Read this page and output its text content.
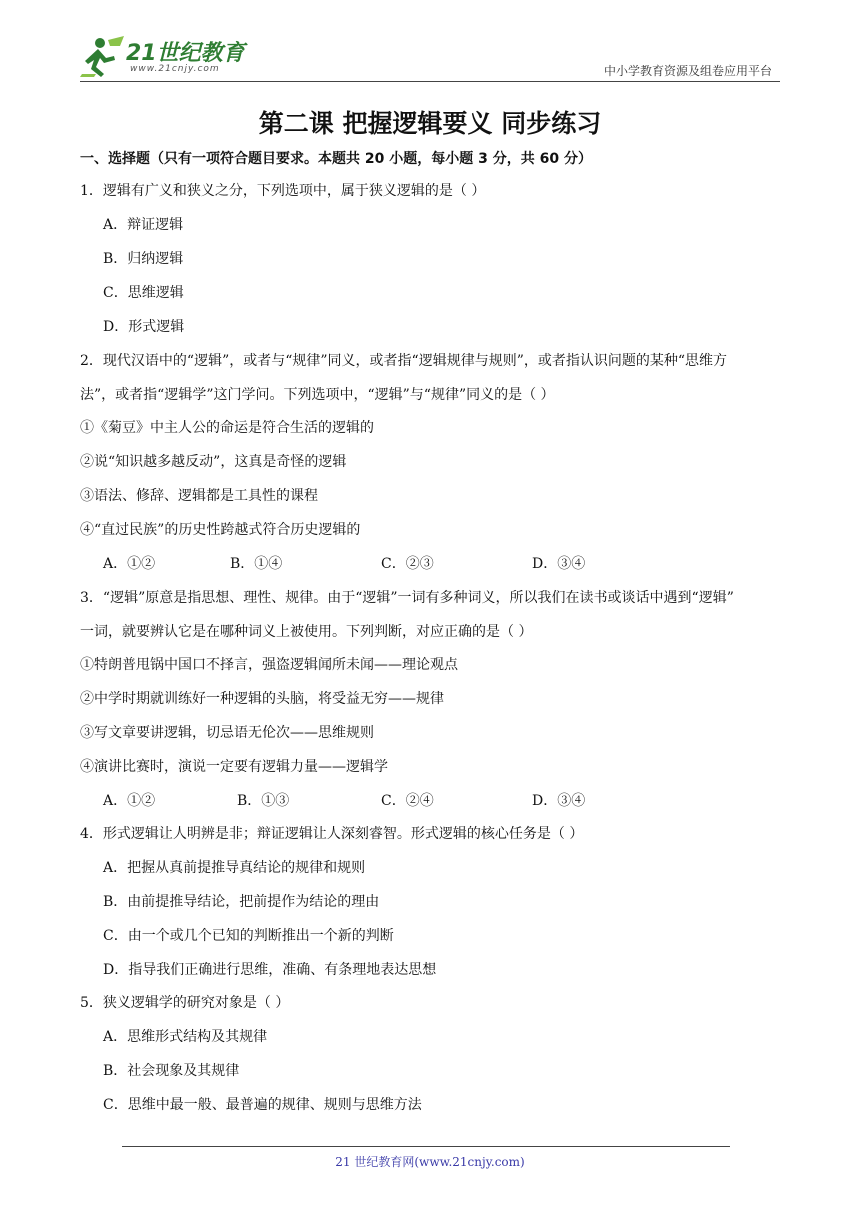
21世纪教育
www.21cnjy.com	中小学教育资源及组卷应用平台
第二课 把握逻辑要义 同步练习
一、选择题（只有一项符合题目要求。本题共 20 小题，每小题 3 分，共 60 分）
1．逻辑有广义和狭义之分，下列选项中，属于狭义逻辑的是（ ）
A．辩证逻辑
B．归纳逻辑
C．思维逻辑
D．形式逻辑
2．现代汉语中的“逻辑”，或者与“规律”同义，或者指“逻辑规律与规则”，或者指认识问题的某种“思维方
法”，或者指“逻辑学”这门学问。下列选项中，“逻辑”与“规律”同义的是（ ）
①《菊豆》中主人公的命运是符合生活的逻辑的
②说“知识越多越反动”，这真是奇怪的逻辑
③语法、修辞、逻辑都是工具性的课程
④“直过民族”的历史性跨越式符合历史逻辑的
A．①②	B．①④	C．②③	D．③④
3．“逻辑”原意是指思想、理性、规律。由于“逻辑”一词有多种词义，所以我们在读书或谈话中遇到“逻辑”
一词，就要辨认它是在哪种词义上被使用。下列判断，对应正确的是（ ）
①特朗普甩锅中国口不择言，强盗逻辑闻所未闻——理论观点
②中学时期就训练好一种逻辑的头脑，将受益无穷——规律
③写文章要讲逻辑，切忌语无伦次——思维规则
④演讲比赛时，演说一定要有逻辑力量——逻辑学
A．①②	B．①③	C．②④	D．③④
4．形式逻辑让人明辨是非；辩证逻辑让人深刻睿智。形式逻辑的核心任务是（ ）
A．把握从真前提推导真结论的规律和规则
B．由前提推导结论，把前提作为结论的理由
C．由一个或几个已知的判断推出一个新的判断
D．指导我们正确进行思维，准确、有条理地表达思想
5．狭义逻辑学的研究对象是（ ）
A．思维形式结构及其规律
B．社会现象及其规律
C．思维中最一般、最普遍的规律、规则与思维方法
21 世纪教育网(www.21cnjy.com)
